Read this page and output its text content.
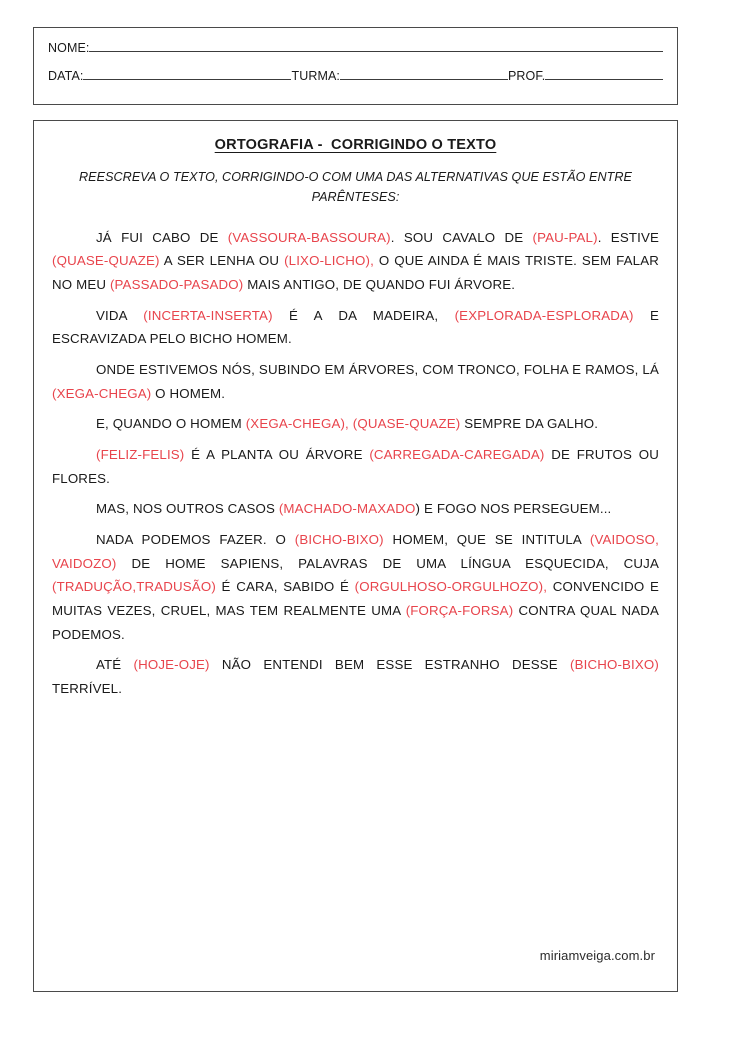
NOME:
DATA:	TURMA:	PROF.
ORTOGRAFIA -  CORRIGINDO O TEXTO
REESCREVA O TEXTO, CORRIGINDO-O COM UMA DAS ALTERNATIVAS QUE ESTÃO ENTRE PARÊNTESES:
JÁ FUI CABO DE (VASSOURA-BASSOURA). SOU CAVALO DE (PAU-PAL). ESTIVE (QUASE-QUAZE) A SER LENHA OU (LIXO-LICHO), O QUE AINDA É MAIS TRISTE. SEM FALAR NO MEU (PASSADO-PASADO) MAIS ANTIGO, DE QUANDO FUI ÁRVORE.
VIDA (INCERTA-INSERTA) É A DA MADEIRA, (EXPLORADA-ESPLORADA) E ESCRAVIZADA PELO BICHO HOMEM.
ONDE ESTIVEMOS NÓS, SUBINDO EM ÁRVORES, COM TRONCO, FOLHA E RAMOS, LÁ (XEGA-CHEGA) O HOMEM.
E, QUANDO O HOMEM (XEGA-CHEGA), (QUASE-QUAZE) SEMPRE DA GALHO.
(FELIZ-FELIS) É A PLANTA OU ÁRVORE (CARREGADA-CAREGADA) DE FRUTOS OU FLORES.
MAS, NOS OUTROS CASOS (MACHADO-MAXADO) E FOGO NOS PERSEGUEM...
NADA PODEMOS FAZER. O (BICHO-BIXO) HOMEM, QUE SE INTITULA (VAIDOSO, VAIDOZO) DE HOME SAPIENS, PALAVRAS DE UMA LÍNGUA ESQUECIDA, CUJA (TRADUÇÃO,TRADUSÃO) É CARA, SABIDO É (ORGULHOSO-ORGULHOZO), CONVENCIDO E MUITAS VEZES, CRUEL, MAS TEM REALMENTE UMA (FORÇA-FORSA) CONTRA QUAL NADA PODEMOS.
ATÉ (HOJE-OJE) NÃO ENTENDI BEM ESSE ESTRANHO DESSE (BICHO-BIXO) TERRÍVEL.
miriamveiga.com.br
